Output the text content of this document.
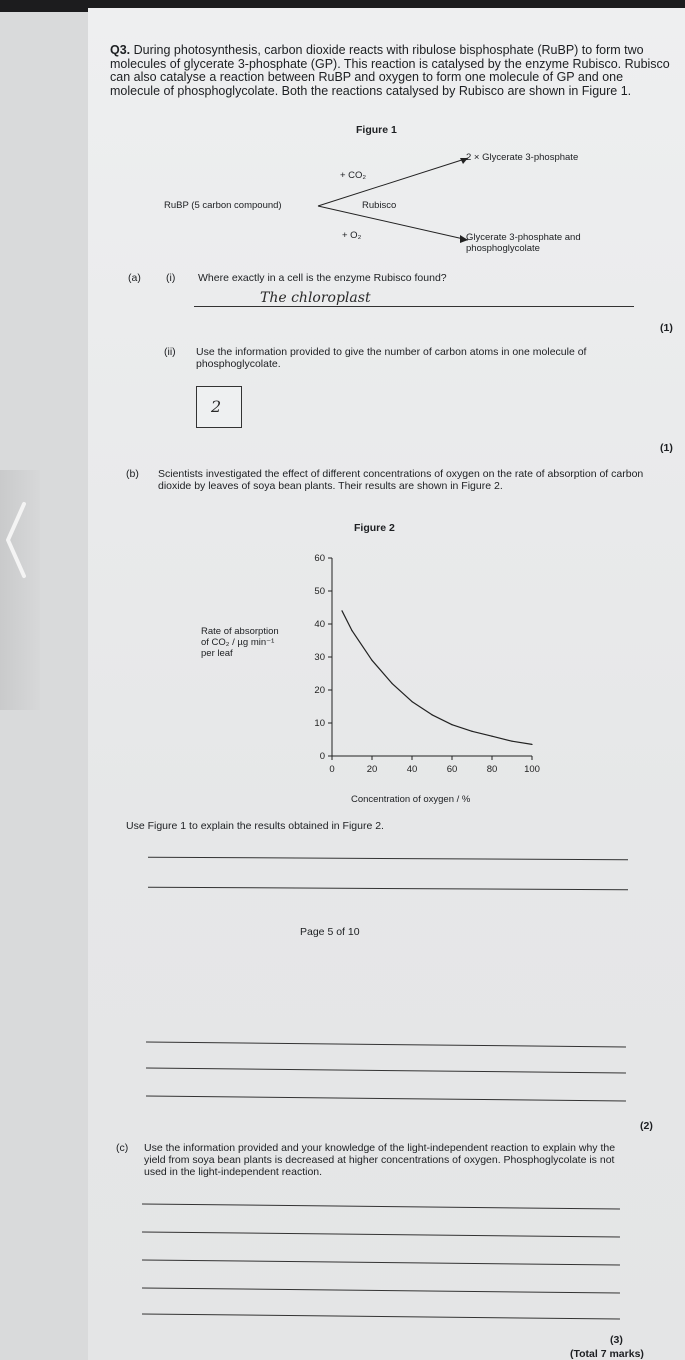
Q3. During photosynthesis, carbon dioxide reacts with ribulose bisphosphate (RuBP) to form two molecules of glycerate 3-phosphate (GP). This reaction is catalysed by the enzyme Rubisco. Rubisco can also catalyse a reaction between RuBP and oxygen to form one molecule of GP and one molecule of phosphoglycolate. Both the reactions catalysed by Rubisco are shown in Figure 1.
Figure 1
RuBP (5 carbon compound)	Rubisco
+ CO₂
+ O₂
2 × Glycerate 3-phosphate
Glycerate 3-phosphate and
phosphoglycolate
(a) (i) Where exactly in a cell is the enzyme Rubisco found?
The chloroplast
(1)
(ii) Use the information provided to give the number of carbon atoms in one molecule of phosphoglycolate.
2
(1)
(b) Scientists investigated the effect of different concentrations of oxygen on the rate of absorption of carbon dioxide by leaves of soya bean plants. Their results are shown in Figure 2.
Figure 2
Rate of absorption
of CO₂ / µg min⁻¹
per leaf
0	20	40	60	80	100
0
10
20
30
40
50
60
Concentration of oxygen / %
Use Figure 1 to explain the results obtained in Figure 2.
Page 5 of 10
(2)
(c) Use the information provided and your knowledge of the light-independent reaction to explain why the yield from soya bean plants is decreased at higher concentrations of oxygen. Phosphoglycolate is not used in the light-independent reaction.
(3)
(Total 7 marks)
